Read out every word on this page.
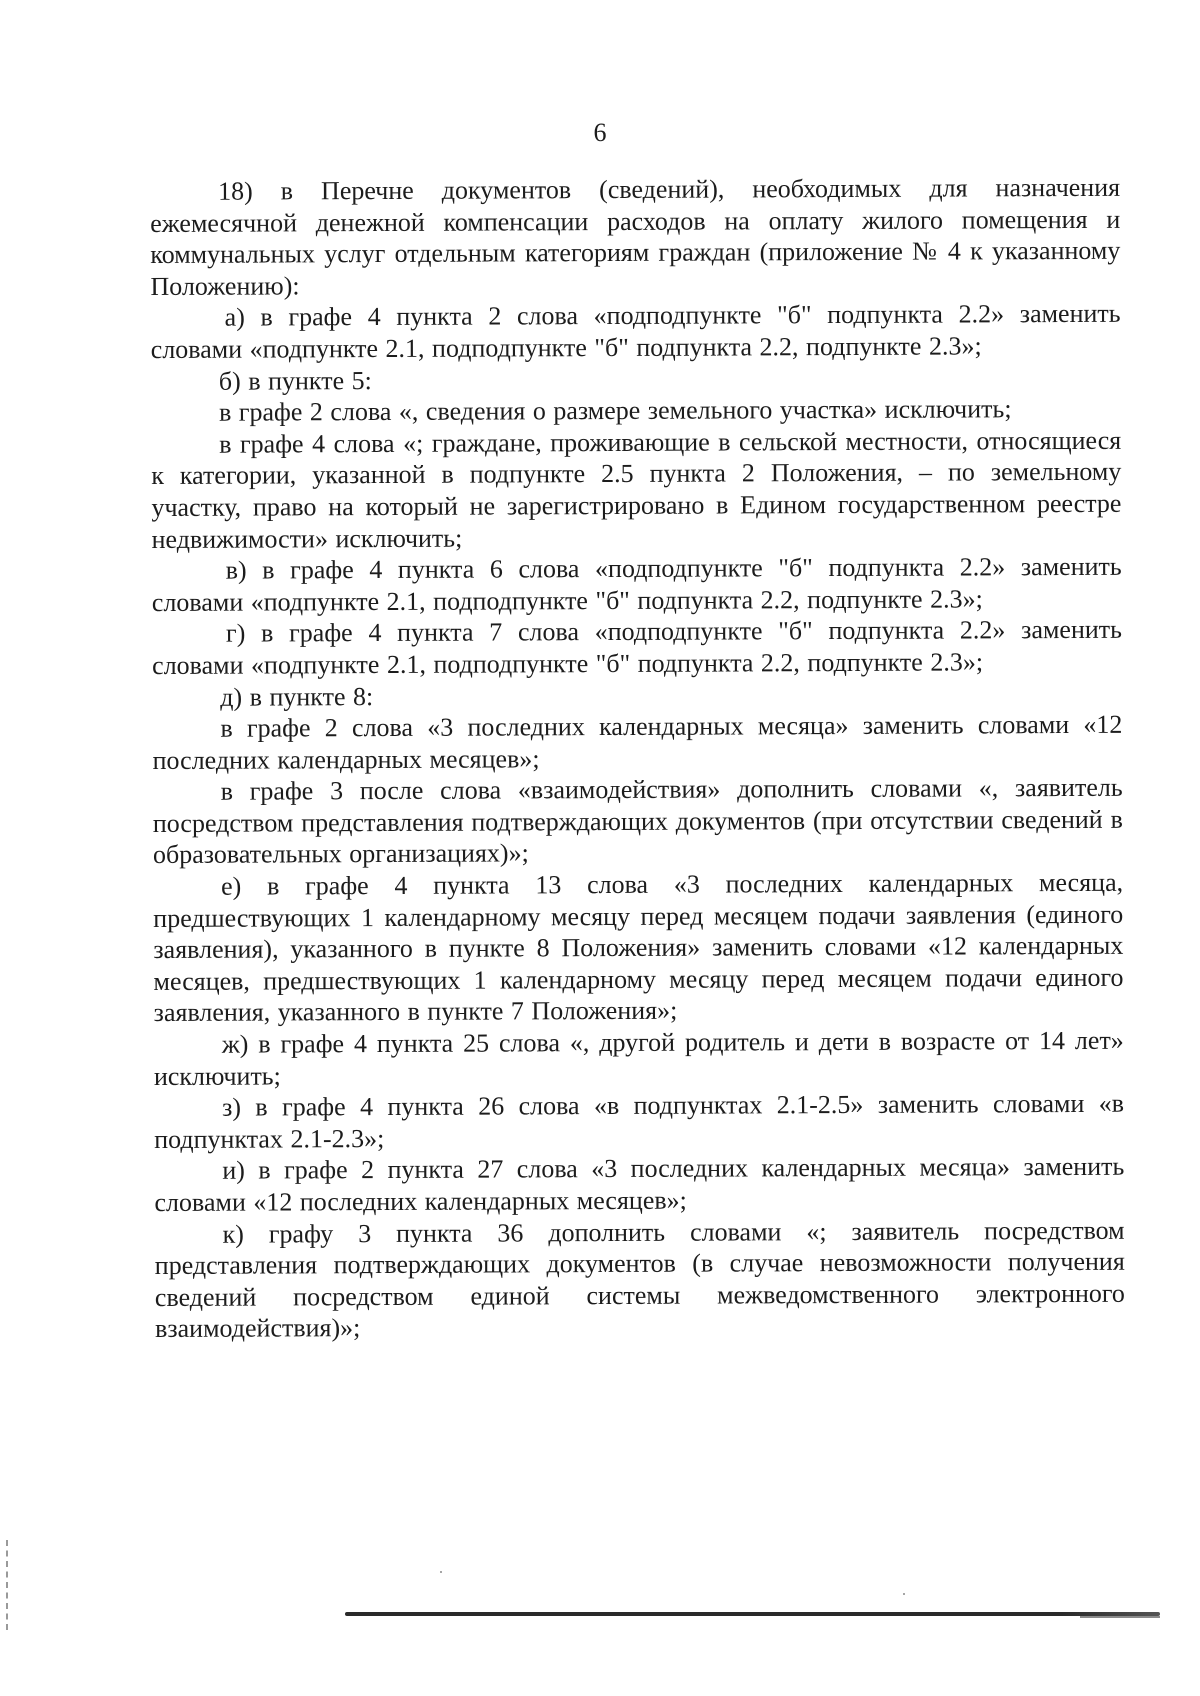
6

18) в Перечне документов (сведений), необходимых для назначения ежемесячной денежной компенсации расходов на оплату жилого помещения и коммунальных услуг отдельным категориям граждан (приложение № 4 к указанному Положению):

а) в графе 4 пункта 2 слова «подподпункте "б" подпункта 2.2» заменить словами «подпункте 2.1, подподпункте "б" подпункта 2.2, подпункте 2.3»;

б) в пункте 5:

в графе 2 слова «, сведения о размере земельного участка» исключить;

в графе 4 слова «; граждане, проживающие в сельской местности, относящиеся к категории, указанной в подпункте 2.5 пункта 2 Положения, – по земельному участку, право на который не зарегистрировано в Едином государственном реестре недвижимости» исключить;

в) в графе 4 пункта 6 слова «подподпункте "б" подпункта 2.2» заменить словами «подпункте 2.1, подподпункте "б" подпункта 2.2, подпункте 2.3»;

г) в графе 4 пункта 7 слова «подподпункте "б" подпункта 2.2» заменить словами «подпункте 2.1, подподпункте "б" подпункта 2.2, подпункте 2.3»;

д) в пункте 8:

в графе 2 слова «3 последних календарных месяца» заменить словами «12 последних календарных месяцев»;

в графе 3 после слова «взаимодействия» дополнить словами «, заявитель посредством представления подтверждающих документов (при отсутствии сведений в образовательных организациях)»;

е) в графе 4 пункта 13 слова «3 последних календарных месяца, предшествующих 1 календарному месяцу перед месяцем подачи заявления (единого заявления), указанного в пункте 8 Положения» заменить словами «12 календарных месяцев, предшествующих 1 календарному месяцу перед месяцем подачи единого заявления, указанного в пункте 7 Положения»;

ж) в графе 4 пункта 25 слова «, другой родитель и дети в возрасте от 14 лет» исключить;

з) в графе 4 пункта 26 слова «в подпунктах 2.1-2.5» заменить словами «в подпунктах 2.1-2.3»;

и) в графе 2 пункта 27 слова «3 последних календарных месяца» заменить словами «12 последних календарных месяцев»;

к) графу 3 пункта 36 дополнить словами «; заявитель посредством представления подтверждающих документов (в случае невозможности получения сведений посредством единой системы межведомственного электронного взаимодействия)»;
